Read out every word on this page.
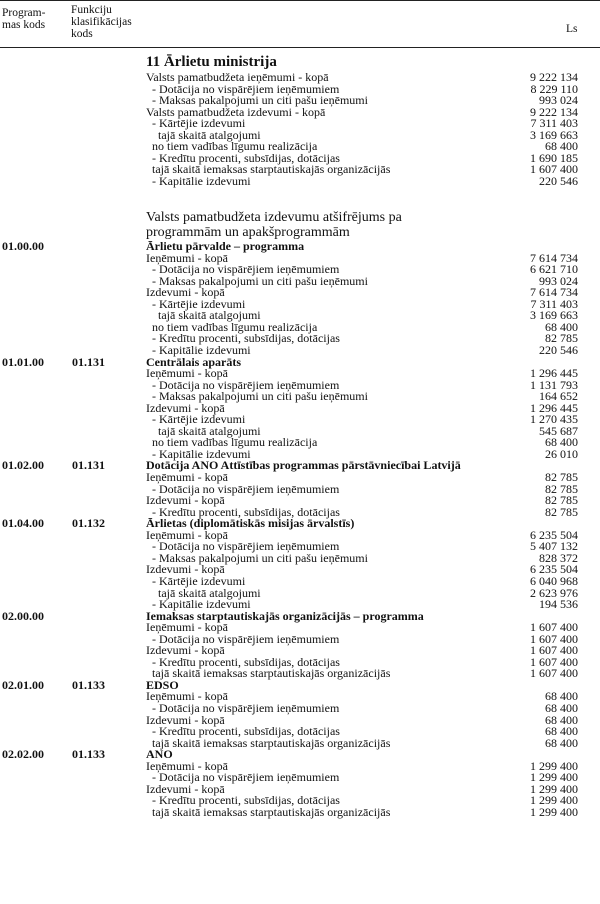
Program-
mas kods
Funkciju klasifikācijas kods	Ls
11 Ārlietu ministrija
Valsts pamatbudžeta izdevumu atšifrējums pa programmām un apakšprogrammām
Valsts pamatbudžeta ieņēmumi - kopā	9 222 134
- Dotācija no vispārējiem ieņēmumiem	8 229 110
- Maksas pakalpojumi un citi pašu ieņēmumi	993 024
Valsts pamatbudžeta izdevumi - kopā	9 222 134
- Kārtējie izdevumi	7 311 403
tajā skaitā atalgojumi	3 169 663
no tiem vadības līgumu realizācija	68 400
- Kredītu procenti, subsīdijas, dotācijas	1 690 185
tajā skaitā iemaksas starptautiskajās organizācijās	1 607 400
- Kapitālie izdevumi	220 546
01.00.00	Ārlietu pārvalde – programma
Ieņēmumi - kopā	7 614 734
- Dotācija no vispārējiem ieņēmumiem	6 621 710
- Maksas pakalpojumi un citi pašu ieņēmumi	993 024
Izdevumi - kopā	7 614 734
- Kārtējie izdevumi	7 311 403
tajā skaitā atalgojumi	3 169 663
no tiem vadības līgumu realizācija	68 400
- Kredītu procenti, subsīdijas, dotācijas	82 785
- Kapitālie izdevumi	220 546
01.01.00 01.131	Centrālais aparāts
Ieņēmumi - kopā	1 296 445
- Dotācija no vispārējiem ieņēmumiem	1 131 793
- Maksas pakalpojumi un citi pašu ieņēmumi	164 652
Izdevumi - kopā	1 296 445
- Kārtējie izdevumi	1 270 435
tajā skaitā atalgojumi	545 687
no tiem vadības līgumu realizācija	68 400
- Kapitālie izdevumi	26 010
01.02.00 01.131	Dotācija ANO Attīstības programmas pārstāvniecībai Latvijā
Ieņēmumi - kopā	82 785
- Dotācija no vispārējiem ieņēmumiem	82 785
Izdevumi - kopā	82 785
- Kredītu procenti, subsīdijas, dotācijas	82 785
01.04.00 01.132	Ārlietas (diplomātiskās misijas ārvalstīs)
Ieņēmumi - kopā	6 235 504
- Dotācija no vispārējiem ieņēmumiem	5 407 132
- Maksas pakalpojumi un citi pašu ieņēmumi	828 372
Izdevumi - kopā	6 235 504
- Kārtējie izdevumi	6 040 968
tajā skaitā atalgojumi	2 623 976
- Kapitālie izdevumi	194 536
02.00.00	Iemaksas starptautiskajās organizācijās – programma
Ieņēmumi - kopā	1 607 400
- Dotācija no vispārējiem ieņēmumiem	1 607 400
Izdevumi - kopā	1 607 400
- Kredītu procenti, subsīdijas, dotācijas	1 607 400
tajā skaitā iemaksas starptautiskajās organizācijās	1 607 400
02.01.00 01.133	EDSO
Ieņēmumi - kopā	68 400
- Dotācija no vispārējiem ieņēmumiem	68 400
Izdevumi - kopā	68 400
- Kredītu procenti, subsīdijas, dotācijas	68 400
tajā skaitā iemaksas starptautiskajās organizācijās	68 400
02.02.00 01.133	ANO
Ieņēmumi - kopā	1 299 400
- Dotācija no vispārējiem ieņēmumiem	1 299 400
Izdevumi - kopā	1 299 400
- Kredītu procenti, subsīdijas, dotācijas	1 299 400
tajā skaitā iemaksas starptautiskajās organizācijās	1 299 400
